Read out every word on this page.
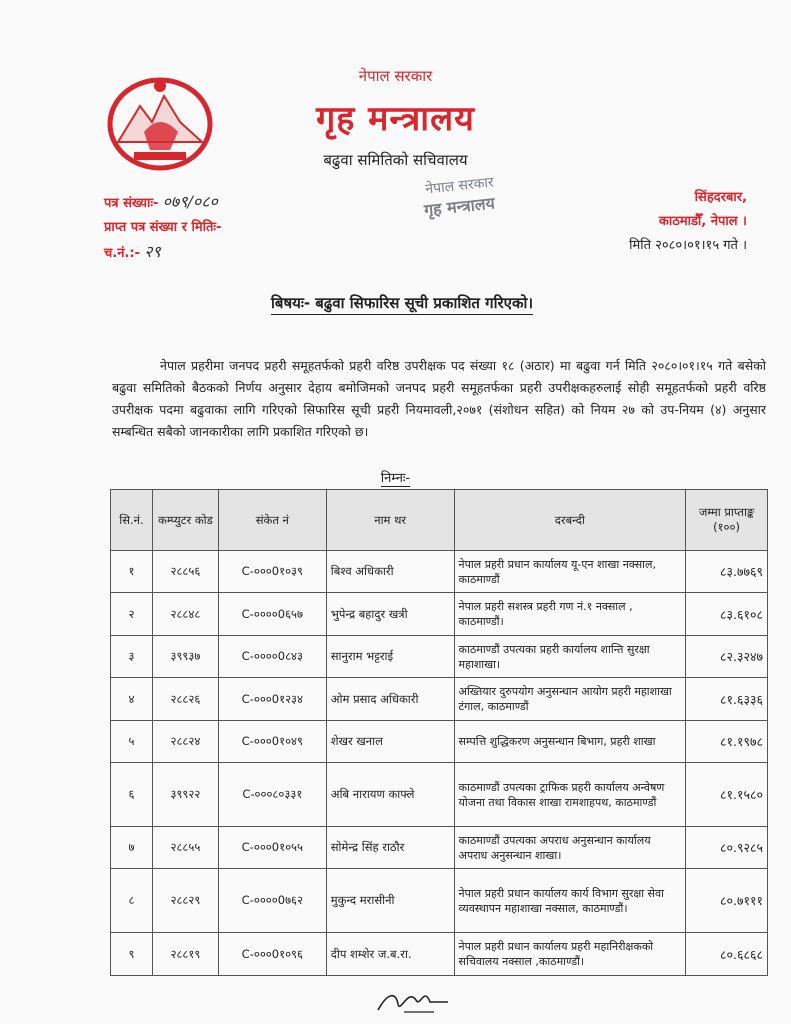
नेपाल सरकार
गृह मन्त्रालय
बढुवा समितिको सचिवालय
नेपाल सरकार
गृह मन्त्रालय
पत्र संख्याः- ०७९/०८०
प्राप्त पत्र संख्या र मितिः-
च.नं.:- २९
सिंहदरबार,
काठमाडौँ, नेपाल ।
मिति २०८०।०१।१५ गते ।
बिषयः- बढुवा सिफारिस सूची प्रकाशित गरिएको।

नेपाल प्रहरीमा जनपद प्रहरी समूहतर्फको प्रहरी वरिष्ठ उपरीक्षक पद संख्या १८ (अठार) मा बढुवा गर्न मिति २०८०।०१।१५ गते बसेको बढुवा समितिको बैठकको निर्णय अनुसार देहाय बमोजिमको जनपद प्रहरी समूहतर्फका प्रहरी उपरीक्षकहरुलाई सोही समूहतर्फको प्रहरी वरिष्ठ उपरीक्षक पदमा बढुवाका लागि गरिएको सिफारिस सूची प्रहरी नियमावली,२०७१ (संशोधन सहित) को नियम २७ को उप-नियम (४) अनुसार सम्बन्धित सबैको जानकारीका लागि प्रकाशित गरिएको छ।

निम्नः-
सि.नं.	कम्प्युटर कोड	संकेत नं	नाम थर	दरबन्दी	जम्मा प्राप्ताङ्क (१००)
१	२८८५६	C-०००0१०३९	बिश्व अधिकारी	नेपाल प्रहरी प्रधान कार्यालय यू-एन शाखा नक्साल, काठमाण्डौं	८३.७७६९
२	२८८४८	C-००००0६५७	भुपेन्द्र बहादुर खत्री	नेपाल प्रहरी सशस्त्र प्रहरी गण नं.१ नक्साल , काठमाण्डौं।	८३.६१०८
३	३९९३७	C-००००0८४३	सानुराम भट्टराई	काठमाण्डौं उपत्यका प्रहरी कार्यालय शान्ति सुरक्षा महाशाखा।	८२.३२४७
४	२८८२६	C-०००0१२३४	ओम प्रसाद अधिकारी	अख्तियार दुरुपयोग अनुसन्धान आयोग प्रहरी महाशाखा टंगाल, काठमाण्डौं	८१.६३३६
५	२८८२४	C-०००0१०४९	शेखर खनाल	सम्पत्ति शुद्धिकरण अनुसन्धान बिभाग, प्रहरी शाखा	८१.१९७८
६	३९९२२	C-०००८०३३१	अबि नारायण काफ्ले	काठमाण्डौं उपत्यका ट्राफिक प्रहरी कार्यालय अन्वेषण योजना तथा विकास शाखा रामशाहपथ, काठमाण्डौं	८१.१५८०
७	२८८५५	C-०००0१०५५	सोमेन्द्र सिंह राठौर	काठमाण्डौं उपत्यका अपराध अनुसन्धान कार्यालय अपराध अनुसन्धान शाखा।	८०.९२८५
८	२८८२९	C-००००0७६२	मुकुन्द मरासीनी	नेपाल प्रहरी प्रधान कार्यालय कार्य विभाग सुरक्षा सेवा व्यवस्थापन महाशाखा नक्साल, काठमाण्डौं।	८०.७१११
९	२८८१९	C-०००0१०९६	दीप शम्शेर ज.ब.रा.	नेपाल प्रहरी प्रधान कार्यालय प्रहरी महानिरीक्षकको सचिवालय नक्साल ,काठमाण्डौं।	८०.६८६८
